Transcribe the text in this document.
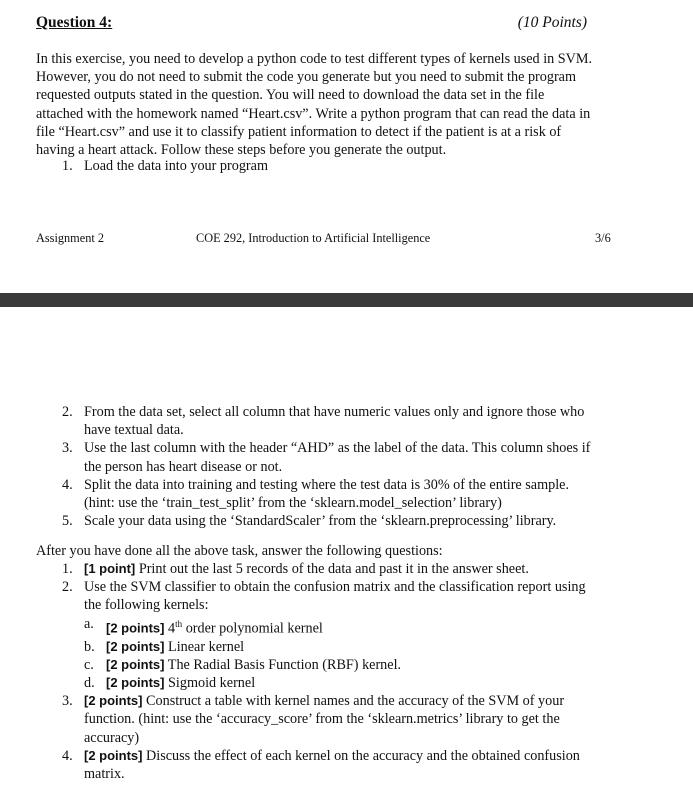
Question 4:	(10 Points)
In this exercise, you need to develop a python code to test different types of kernels used in SVM.
However, you do not need to submit the code you generate but you need to submit the program
requested outputs stated in the question. You will need to download the data set in the file
attached with the homework named “Heart.csv”. Write a python program that can read the data in
file “Heart.csv” and use it to classify patient information to detect if the patient is at a risk of
having a heart attack. Follow these steps before you generate the output.
1. Load the data into your program
Assignment 2	COE 292, Introduction to Artificial Intelligence	3/6
2. From the data set, select all column that have numeric values only and ignore those who
have textual data.
3. Use the last column with the header “AHD” as the label of the data. This column shoes if
the person has heart disease or not.
4. Split the data into training and testing where the test data is 30% of the entire sample.
(hint: use the ‘train_test_split’ from the ‘sklearn.model_selection’ library)
5. Scale your data using the ‘StandardScaler’ from the ‘sklearn.preprocessing’ library.
After you have done all the above task, answer the following questions:
1. [1 point] Print out the last 5 records of the data and past it in the answer sheet.
2. Use the SVM classifier to obtain the confusion matrix and the classification report using
the following kernels:
a. [2 points] 4th order polynomial kernel
b. [2 points] Linear kernel
c. [2 points] The Radial Basis Function (RBF) kernel.
d. [2 points] Sigmoid kernel
3. [2 points] Construct a table with kernel names and the accuracy of the SVM of your
function. (hint: use the ‘accuracy_score’ from the ‘sklearn.metrics’ library to get the
accuracy)
4. [2 points] Discuss the effect of each kernel on the accuracy and the obtained confusion
matrix.
